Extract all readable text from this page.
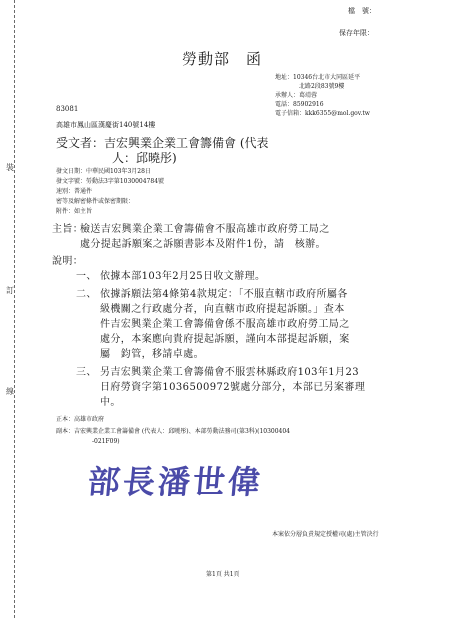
裝
訂
線
檔　號：
保存年限：
勞動部　函
地址：10346台北市大同區延平
北路2段83號9樓
承辦人：葛靖蓉
電話：85902916
電子信箱：kkk6355@mol.gov.tw
83081
高雄市鳳山區漢慶街140號14樓
受文者：吉宏興業企業工會籌備會 (代表
人：邱曉彤)
發文日期：中華民國103年3月28日
發文字號：勞動法3字第1030004784號
速別：普通件
密等及解密條件或保密期限：
附件：如主旨
主旨：
檢送吉宏興業企業工會籌備會不服高雄市政府勞工局之
處分提起訴願案之訴願書影本及附件1份，請　核辦。
說明：
一、 依據本部103年2月25日收文辦理。
二、 依據訴願法第4條第4款規定：「不服直轄市政府所屬各
級機關之行政處分者，向直轄市政府提起訴願。」查本
件吉宏興業企業工會籌備會係不服高雄市政府勞工局之
處分，本案應向貴府提起訴願，謹向本部提起訴願，案
屬　鈞管，移請卓處。
三、 另吉宏興業企業工會籌備會不服雲林縣政府103年1月23
日府勞資字第1036500972號處分部分，本部已另案審理
中。
正本：高雄市政府
副本：吉宏興業企業工會籌備會 (代表人：邱曉彤)、本部勞動法務司(第3科)(10300404
-021F09)
部長潘世偉
本案依分層負責規定授權司(處)主管決行
第1頁 共1頁
